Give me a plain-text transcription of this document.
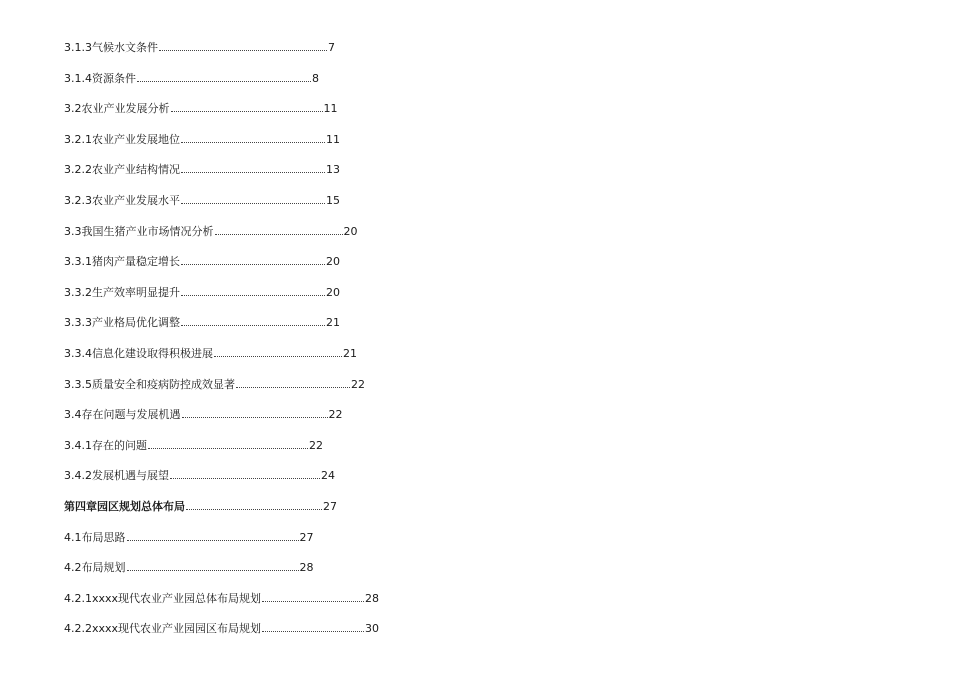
3.1.3气候水文条件	7
3.1.4资源条件	8
3.2农业产业发展分析	11
3.2.1农业产业发展地位	11
3.2.2农业产业结构情况	13
3.2.3农业产业发展水平	15
3.3我国生猪产业市场情况分析	20
3.3.1猪肉产量稳定增长	20
3.3.2生产效率明显提升	20
3.3.3产业格局优化调整	21
3.3.4信息化建设取得积极进展	21
3.3.5质量安全和疫病防控成效显著	22
3.4存在问题与发展机遇	22
3.4.1存在的问题	22
3.4.2发展机遇与展望	24
第四章园区规划总体布局	27
4.1布局思路	27
4.2布局规划	28
4.2.1xxxx现代农业产业园总体布局规划	28
4.2.2xxxx现代农业产业园园区布局规划	30
